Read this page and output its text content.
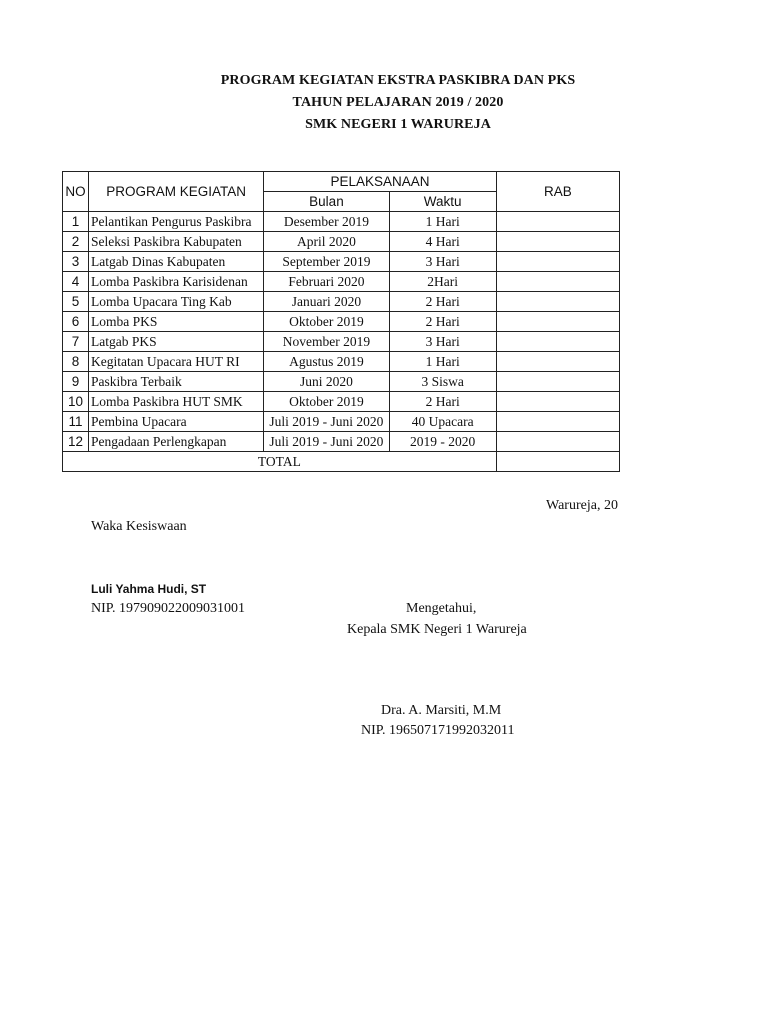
PROGRAM KEGIATAN EKSTRA PASKIBRA DAN PKS
TAHUN PELAJARAN 2019 / 2020
SMK NEGERI 1 WARUREJA
NO	PROGRAM KEGIATAN	PELAKSANAAN		RAB
		Bulan	Waktu	
1	Pelantikan Pengurus Paskibra	Desember 2019	1 Hari	
2	Seleksi Paskibra Kabupaten	April 2020	4 Hari	
3	Latgab Dinas Kabupaten	September 2019	3 Hari	
4	Lomba Paskibra Karisidenan	Februari 2020	2Hari	
5	Lomba Upacara Ting Kab	Januari 2020	2 Hari	
6	Lomba PKS	Oktober 2019	2 Hari	
7	Latgab PKS	November 2019	3 Hari	
8	Kegitatan Upacara HUT RI	Agustus 2019	1 Hari	
9	Paskibra Terbaik	Juni 2020	3 Siswa	
10	Lomba Paskibra HUT SMK	Oktober 2019	2 Hari	
11	Pembina Upacara	Juli 2019 - Juni 2020	40 Upacara	
12	Pengadaan Perlengkapan	Juli 2019 - Juni 2020	2019 - 2020	
TOTAL				
Warureja, 20
Waka Kesiswaan
Luli Yahma Hudi, ST
NIP. 197909022009031001	Mengetahui,
Kepala SMK Negeri 1 Warureja
Dra. A. Marsiti, M.M
NIP. 196507171992032011
